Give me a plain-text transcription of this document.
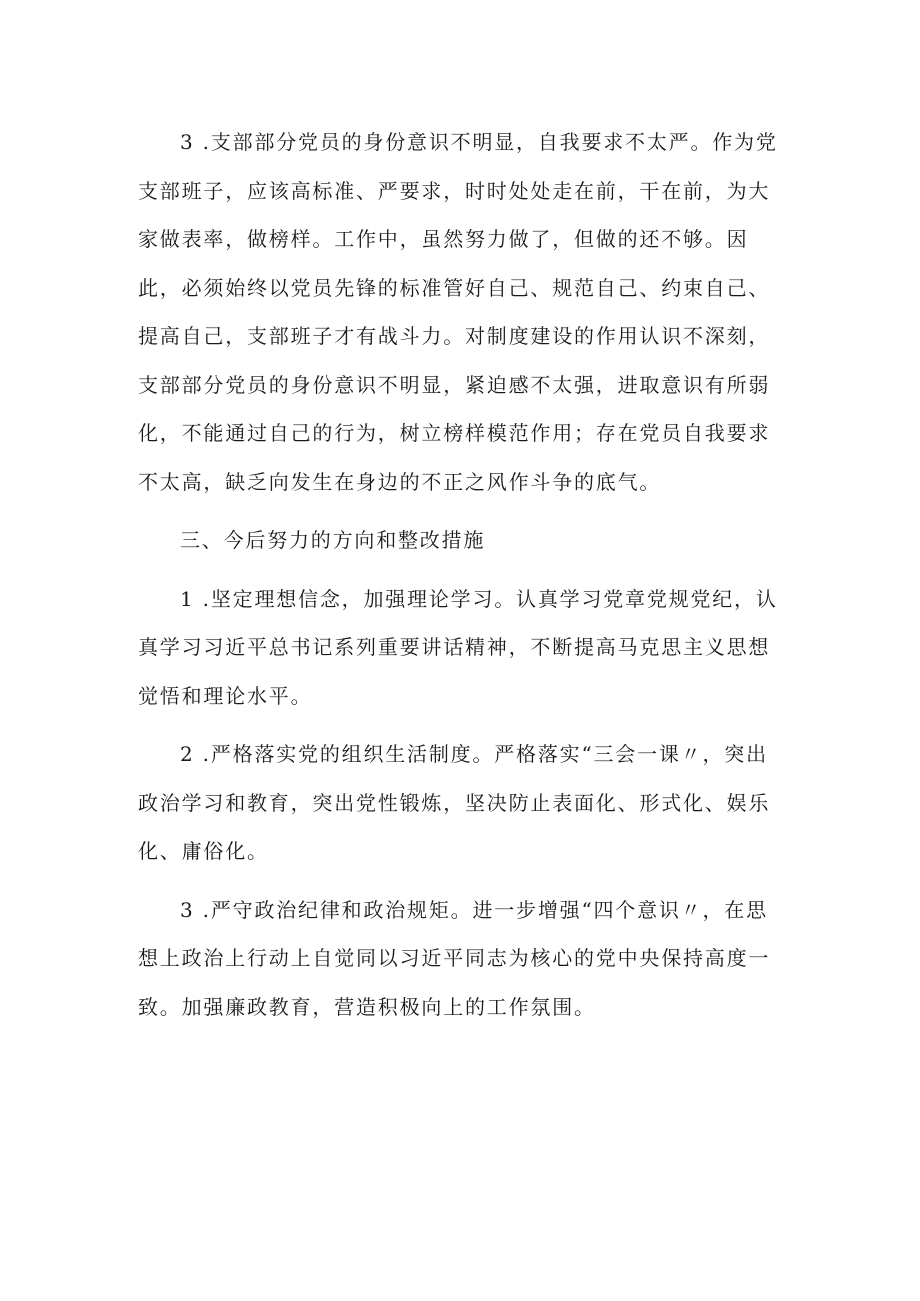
3 .支部部分党员的身份意识不明显，自我要求不太严。作为党支部班子，应该高标准、严要求，时时处处走在前，干在前，为大家做表率，做榜样。工作中，虽然努力做了，但做的还不够。因此，必须始终以党员先锋的标准管好自己、规范自己、约束自己、提高自己，支部班子才有战斗力。对制度建设的作用认识不深刻，支部部分党员的身份意识不明显，紧迫感不太强，进取意识有所弱化，不能通过自己的行为，树立榜样模范作用；存在党员自我要求不太高，缺乏向发生在身边的不正之风作斗争的底气。

三、今后努力的方向和整改措施

1 .坚定理想信念，加强理论学习。认真学习党章党规党纪，认真学习习近平总书记系列重要讲话精神，不断提高马克思主义思想觉悟和理论水平。

2 .严格落实党的组织生活制度。严格落实“三会一课〃，突出政治学习和教育，突出党性锻炼，坚决防止表面化、形式化、娱乐化、庸俗化。

3 .严守政治纪律和政治规矩。进一步增强“四个意识〃，在思想上政治上行动上自觉同以习近平同志为核心的党中央保持高度一致。加强廉政教育，营造积极向上的工作氛围。
